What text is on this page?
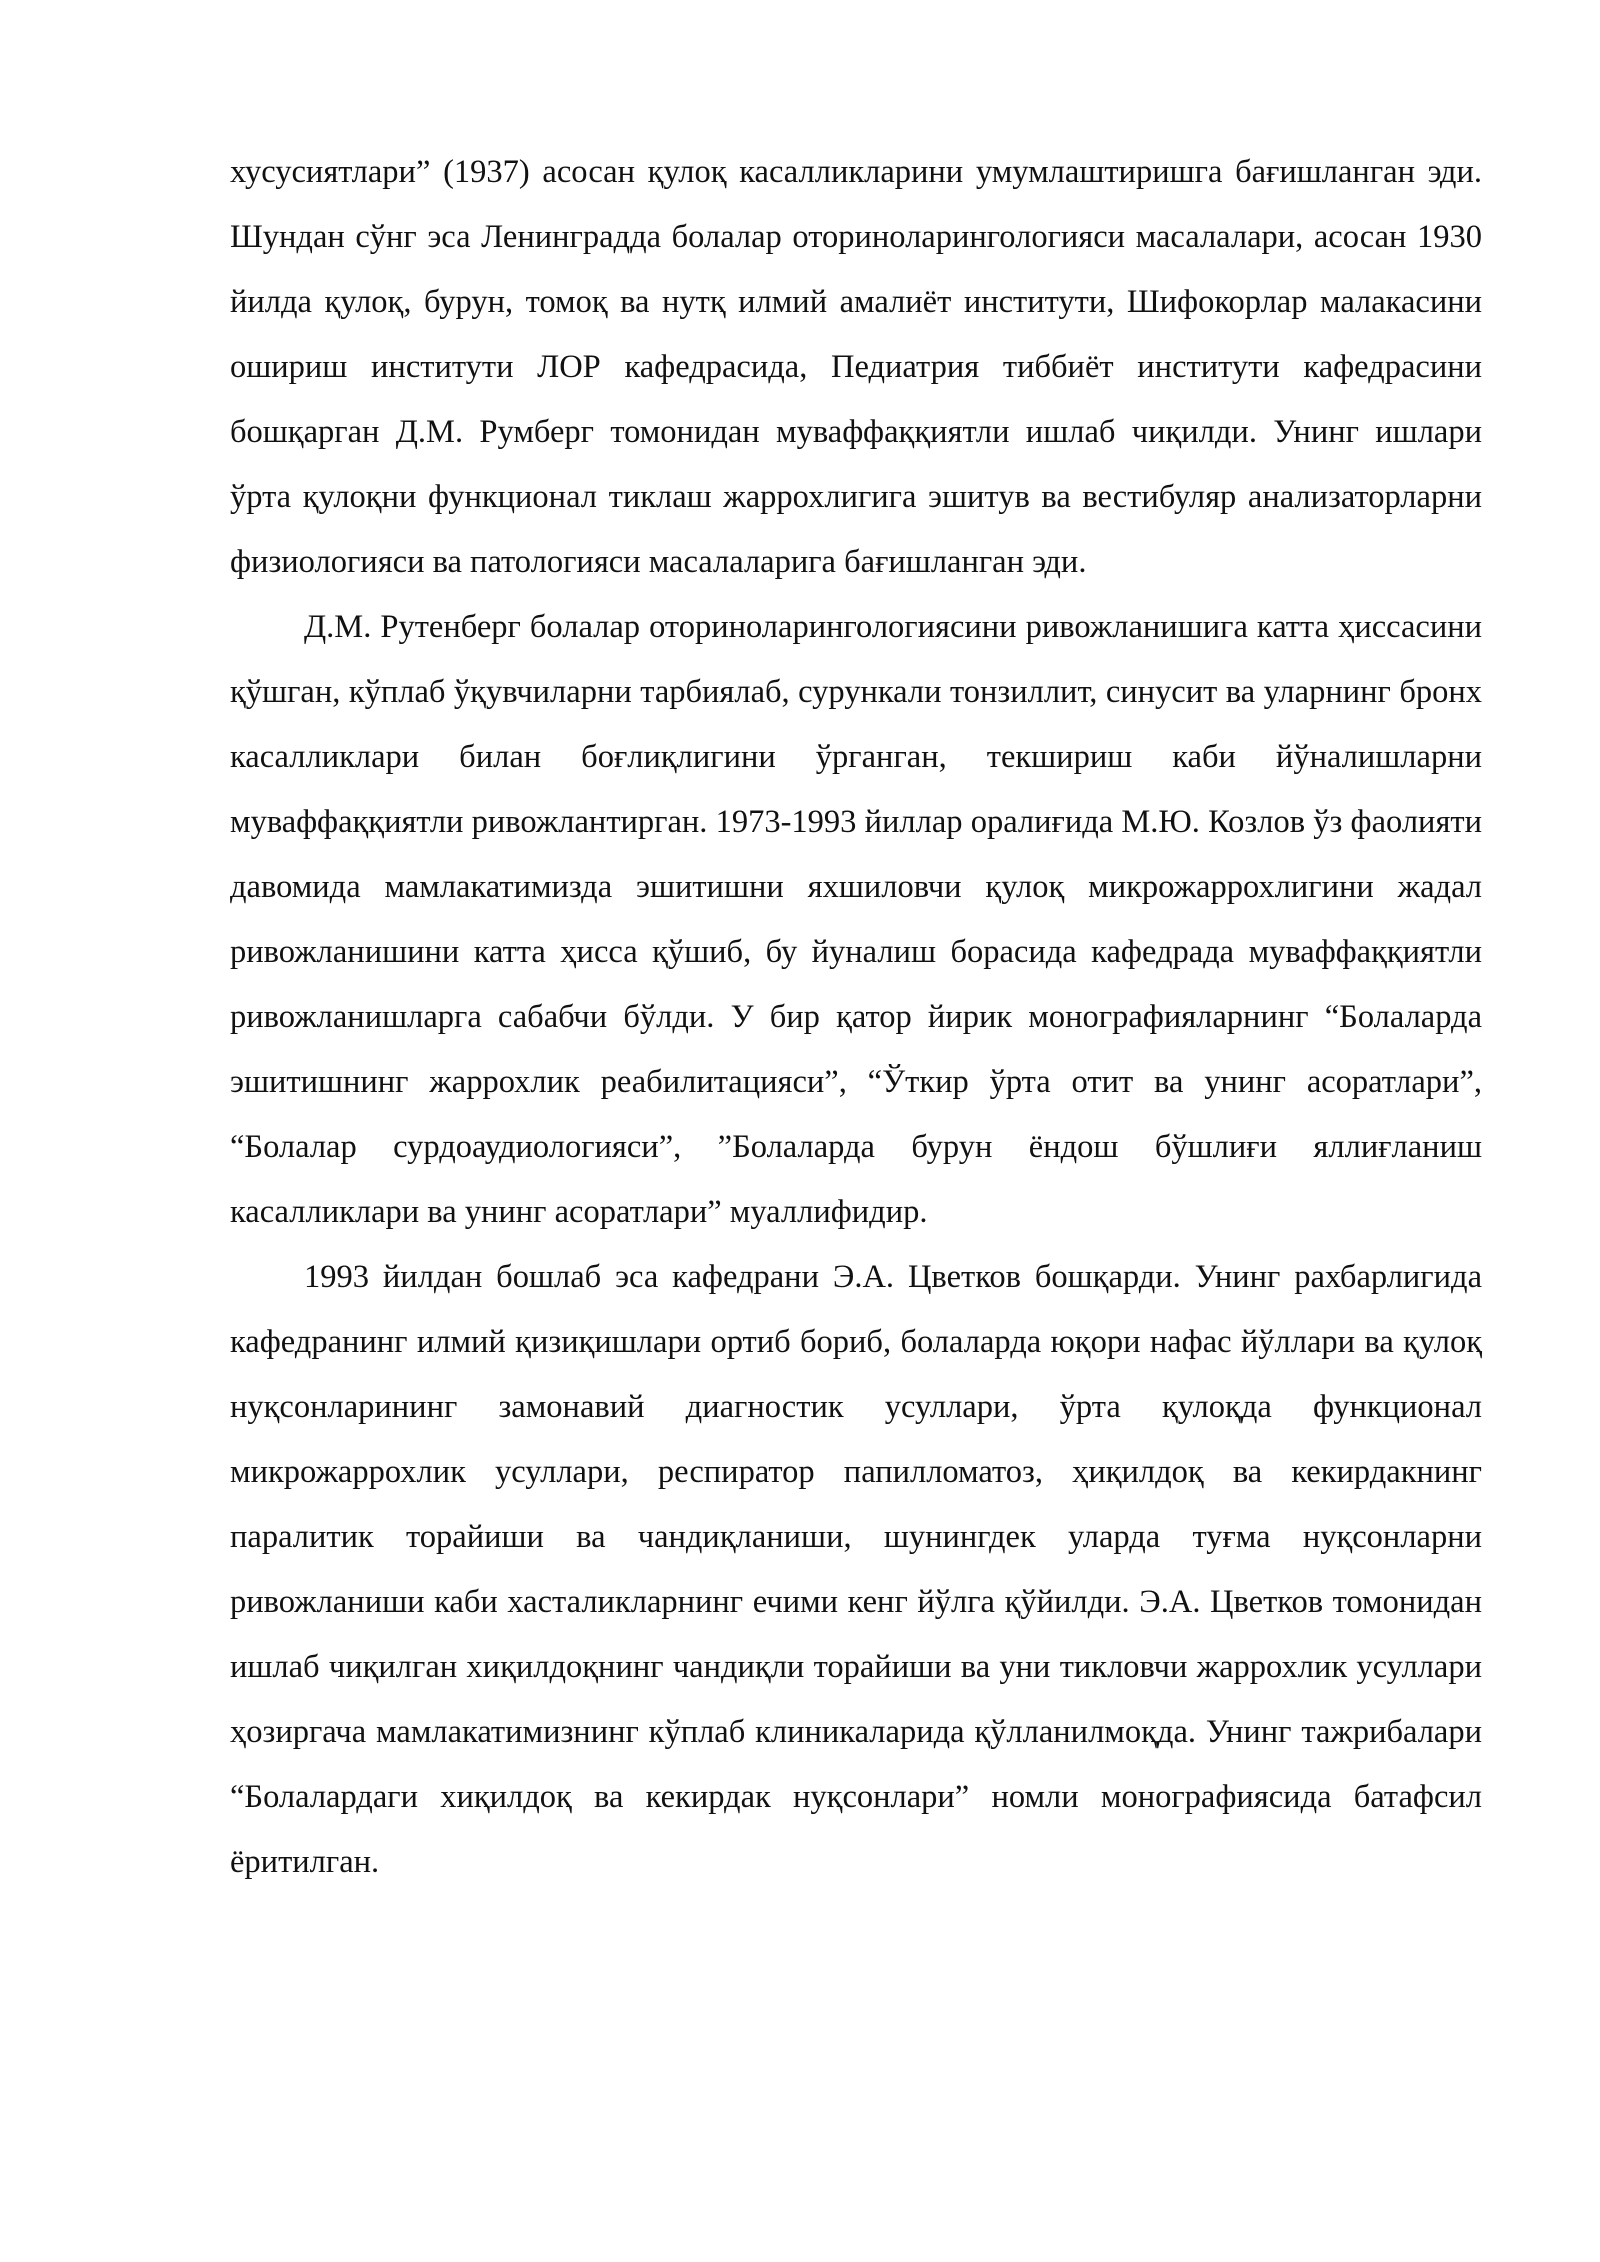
хусусиятлари” (1937) асосан қулоқ касалликларини умумлаштиришга бағишланган эди. Шундан сўнг эса Ленинградда болалар оториноларингологияси масалалари, асосан 1930 йилда қулоқ, бурун, томоқ ва нутқ илмий амалиёт институти, Шифокорлар малакасини ошириш институти ЛОР кафедрасида, Педиатрия тиббиёт институти кафедрасини бошқарган Д.М. Румберг томонидан муваффаққиятли ишлаб чиқилди. Унинг ишлари ўрта қулоқни функционал тиклаш жаррохлигига эшитув ва вестибуляр анализаторларни физиологияси ва патологияси масалаларига бағишланган эди.

Д.М. Рутенберг болалар оториноларингологиясини ривожланишига катта ҳиссасини қўшган, кўплаб ўқувчиларни тарбиялаб, сурункали тонзиллит, синусит ва уларнинг бронх касалликлари билан боғлиқлигини ўрганган, текшириш каби йўналишларни муваффаққиятли ривожлантирган. 1973-1993 йиллар оралиғида М.Ю. Козлов ўз фаолияти давомида мамлакатимизда эшитишни яхшиловчи қулоқ микрожаррохлигини жадал ривожланишини катта ҳисса қўшиб, бу йуналиш борасида кафедрада муваффаққиятли ривожланишларга сабабчи бўлди. У бир қатор йирик монографияларнинг “Болаларда эшитишнинг жаррохлик реабилитацияси”, “Ўткир ўрта отит ва унинг асоратлари”, “Болалар сурдоаудиологияси”, ”Болаларда бурун ёндош бўшлиғи яллиғланиш касалликлари ва унинг асоратлари” муаллифидир.

1993 йилдан бошлаб эса кафедрани Э.А. Цветков бошқарди. Унинг рахбарлигида кафедранинг илмий қизиқишлари ортиб бориб, болаларда юқори нафас йўллари ва қулоқ нуқсонларининг замонавий диагностик усуллари, ўрта қулоқда функционал микрожаррохлик усуллари, респиратор папилломатоз, ҳиқилдоқ ва кекирдакнинг паралитик торайиши ва чандиқланиши, шунингдек уларда туғма нуқсонларни ривожланиши каби хасталикларнинг ечими кенг йўлга қўйилди. Э.А. Цветков томонидан ишлаб чиқилган хиқилдоқнинг чандиқли торайиши ва уни тикловчи жаррохлик усуллари ҳозиргача мамлакатимизнинг кўплаб клиникаларида қўлланилмоқда. Унинг тажрибалари “Болалардаги хиқилдоқ ва кекирдак нуқсонлари” номли монографиясида батафсил ёритилган.
